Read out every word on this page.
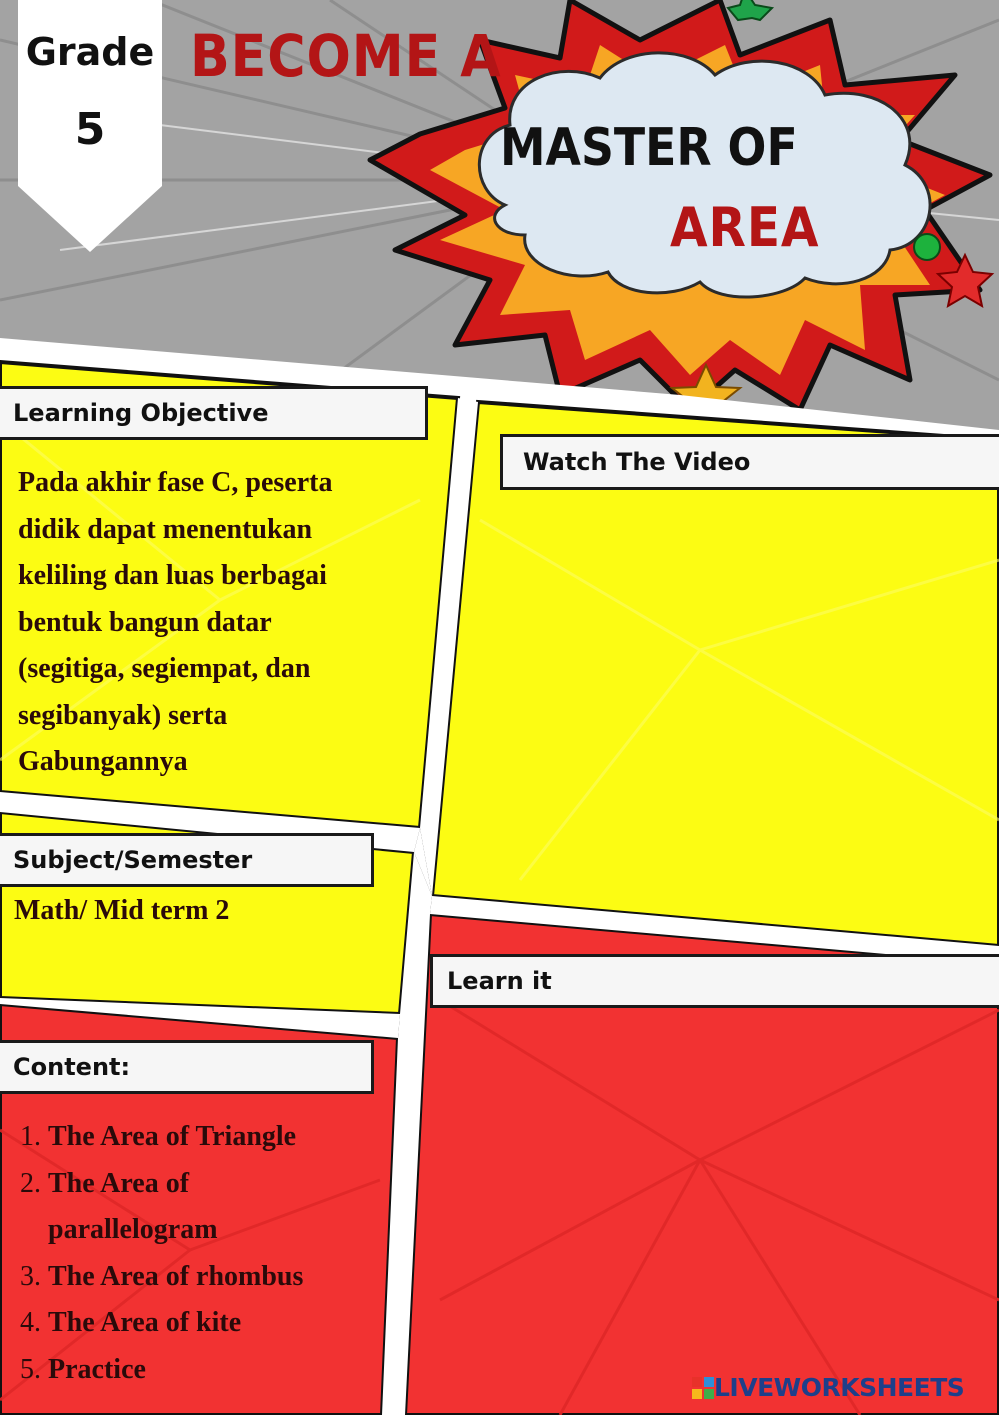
Grade
5
BECOME A
MASTER OF
AREA
Learning Objective
Pada akhir fase C, peserta
didik dapat menentukan
keliling dan luas berbagai
bentuk bangun datar
(segitiga, segiempat, dan
segibanyak) serta
Gabungannya
Subject/Semester
Math/ Mid term 2
Content:
1. The Area of Triangle
2. The Area of
parallelogram
3. The Area of rhombus
4. The Area of kite
5. Practice
Watch The Video
Learn it
LIVEWORKSHEETS
